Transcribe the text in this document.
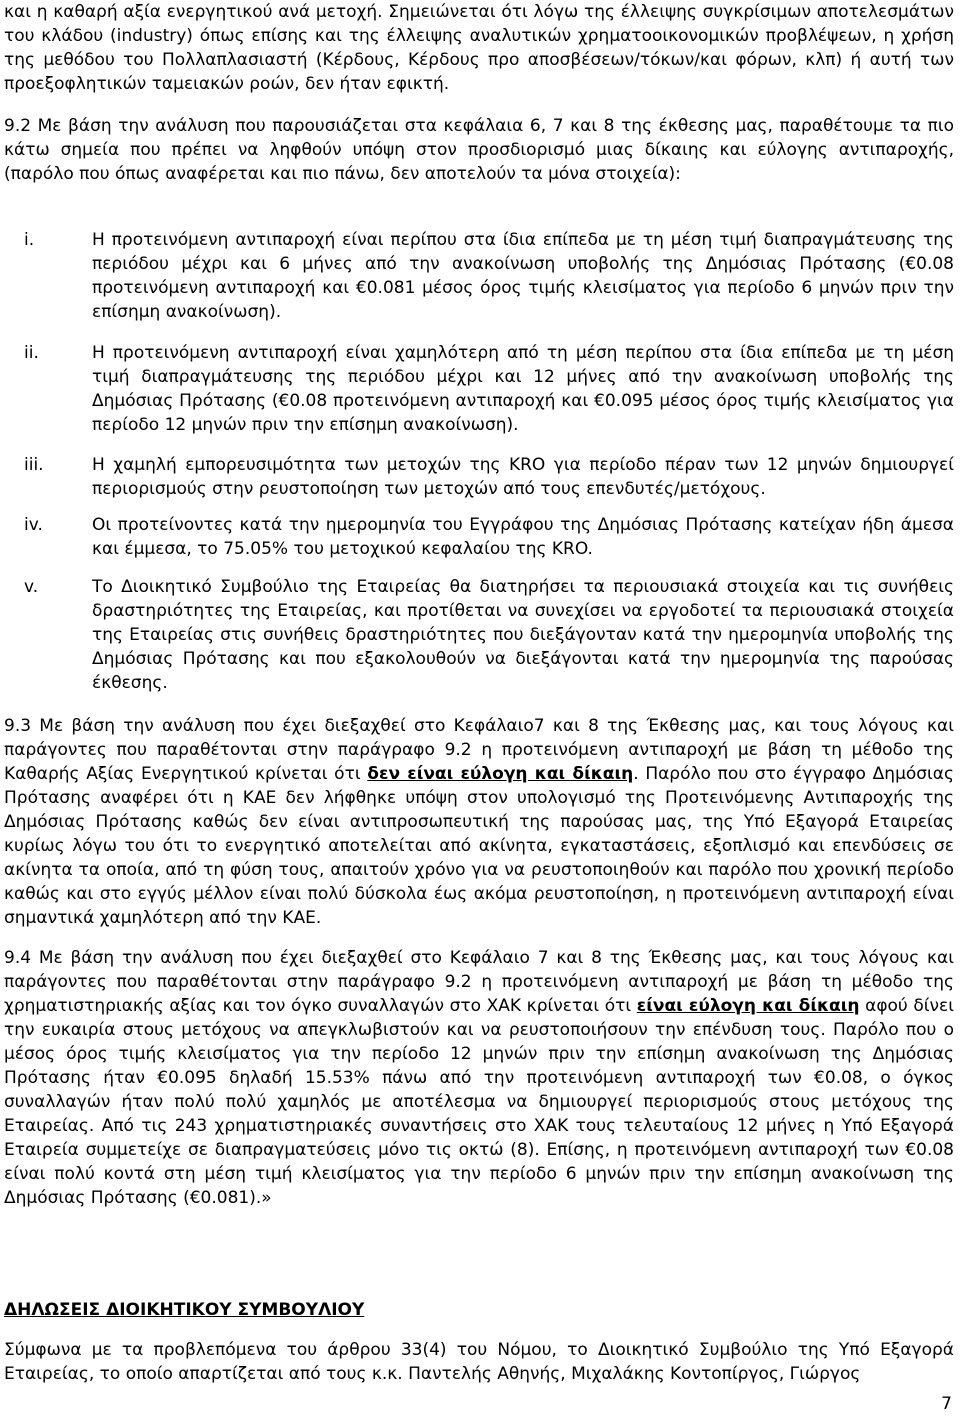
και η καθαρή αξία ενεργητικού ανά μετοχή. Σημειώνεται ότι λόγω της έλλειψης συγκρίσιμων αποτελεσμάτων του κλάδου (industry) όπως επίσης και της έλλειψης αναλυτικών χρηματοοικονομικών προβλέψεων, η χρήση της μεθόδου του Πολλαπλασιαστή (Κέρδους, Κέρδους προ αποσβέσεων/τόκων/και φόρων, κλπ) ή αυτή των προεξοφλητικών ταμειακών ροών, δεν ήταν εφικτή.

9.2 Με βάση την ανάλυση που παρουσιάζεται στα κεφάλαια 6, 7 και 8 της έκθεσης μας, παραθέτουμε τα πιο κάτω σημεία που πρέπει να ληφθούν υπόψη στον προσδιορισμό μιας δίκαιης και εύλογης αντιπαροχής, (παρόλο που όπως αναφέρεται και πιο πάνω, δεν αποτελούν τα μόνα στοιχεία):

i.	Η προτεινόμενη αντιπαροχή είναι περίπου στα ίδια επίπεδα με τη μέση τιμή διαπραγμάτευσης της περιόδου μέχρι και 6 μήνες από την ανακοίνωση υποβολής της Δημόσιας Πρότασης (€0.08 προτεινόμενη αντιπαροχή και €0.081 μέσος όρος τιμής κλεισίματος για περίοδο 6 μηνών πριν την επίσημη ανακοίνωση).

ii.	Η προτεινόμενη αντιπαροχή είναι χαμηλότερη από τη μέση περίπου στα ίδια επίπεδα με τη μέση τιμή διαπραγμάτευσης της περιόδου μέχρι και 12 μήνες από την ανακοίνωση υποβολής της Δημόσιας Πρότασης (€0.08 προτεινόμενη αντιπαροχή και €0.095 μέσος όρος τιμής κλεισίματος για περίοδο 12 μηνών πριν την επίσημη ανακοίνωση).

iii.	Η χαμηλή εμπορευσιμότητα των μετοχών της KRO για περίοδο πέραν των 12 μηνών δημιουργεί περιορισμούς στην ρευστοποίηση των μετοχών από τους επενδυτές/μετόχους.

iv.	Οι προτείνοντες κατά την ημερομηνία του Εγγράφου της Δημόσιας Πρότασης κατείχαν ήδη άμεσα και έμμεσα, το 75.05% του μετοχικού κεφαλαίου της KRO.

v.	Το Διοικητικό Συμβούλιο της Εταιρείας θα διατηρήσει τα περιουσιακά στοιχεία και τις συνήθεις δραστηριότητες της Εταιρείας, και προτίθεται να συνεχίσει να εργοδοτεί τα περιουσιακά στοιχεία της Εταιρείας στις συνήθεις δραστηριότητες που διεξάγονταν κατά την ημερομηνία υποβολής της Δημόσιας Πρότασης και που εξακολουθούν να διεξάγονται κατά την ημερομηνία της παρούσας έκθεσης.

9.3 Με βάση την ανάλυση που έχει διεξαχθεί στο Κεφάλαιο7 και 8 της Έκθεσης μας, και τους λόγους και παράγοντες που παραθέτονται στην παράγραφο 9.2 η προτεινόμενη αντιπαροχή με βάση τη μέθοδο της Καθαρής Αξίας Ενεργητικού κρίνεται ότι δεν είναι εύλογη και δίκαιη. Παρόλο που στο έγγραφο Δημόσιας Πρότασης αναφέρει ότι η ΚΑΕ δεν λήφθηκε υπόψη στον υπολογισμό της Προτεινόμενης Αντιπαροχής της Δημόσιας Πρότασης καθώς δεν είναι αντιπροσωπευτική της παρούσας μας, της Υπό Εξαγορά Εταιρείας κυρίως λόγω του ότι το ενεργητικό αποτελείται από ακίνητα, εγκαταστάσεις, εξοπλισμό και επενδύσεις σε ακίνητα τα οποία, από τη φύση τους, απαιτούν χρόνο για να ρευστοποιηθούν και παρόλο που χρονική περίοδο καθώς και στο εγγύς μέλλον είναι πολύ δύσκολα έως ακόμα ρευστοποίηση, η προτεινόμενη αντιπαροχή είναι σημαντικά χαμηλότερη από την ΚΑΕ.

9.4 Με βάση την ανάλυση που έχει διεξαχθεί στο Κεφάλαιο 7 και 8 της Έκθεσης μας, και τους λόγους και παράγοντες που παραθέτονται στην παράγραφο 9.2 η προτεινόμενη αντιπαροχή με βάση τη μέθοδο της χρηματιστηριακής αξίας και τον όγκο συναλλαγών στο ΧΑΚ κρίνεται ότι είναι εύλογη και δίκαιη αφού δίνει την ευκαιρία στους μετόχους να απεγκλωβιστούν και να ρευστοποιήσουν την επένδυση τους. Παρόλο που ο μέσος όρος τιμής κλεισίματος για την περίοδο 12 μηνών πριν την επίσημη ανακοίνωση της Δημόσιας Πρότασης ήταν €0.095 δηλαδή 15.53% πάνω από την προτεινόμενη αντιπαροχή των €0.08, ο όγκος συναλλαγών ήταν πολύ πολύ χαμηλός με αποτέλεσμα να δημιουργεί περιορισμούς στους μετόχους της Εταιρείας. Από τις 243 χρηματιστηριακές συναντήσεις στο ΧΑΚ τους τελευταίους 12 μήνες η Υπό Εξαγορά Εταιρεία συμμετείχε σε διαπραγματεύσεις μόνο τις οκτώ (8). Επίσης, η προτεινόμενη αντιπαροχή των €0.08 είναι πολύ κοντά στη μέση τιμή κλεισίματος για την περίοδο 6 μηνών πριν την επίσημη ανακοίνωση της Δημόσιας Πρότασης (€0.081).»

ΔΗΛΩΣΕΙΣ ΔΙΟΙΚΗΤΙΚΟΥ ΣΥΜΒΟΥΛΙΟΥ

Σύμφωνα με τα προβλεπόμενα του άρθρου 33(4) του Νόμου, το Διοικητικό Συμβούλιο της Υπό Εξαγορά Εταιρείας, το οποίο απαρτίζεται από τους κ.κ. Παντελής Αθηνής, Μιχαλάκης Κοντοπίργος, Γιώργος

7
